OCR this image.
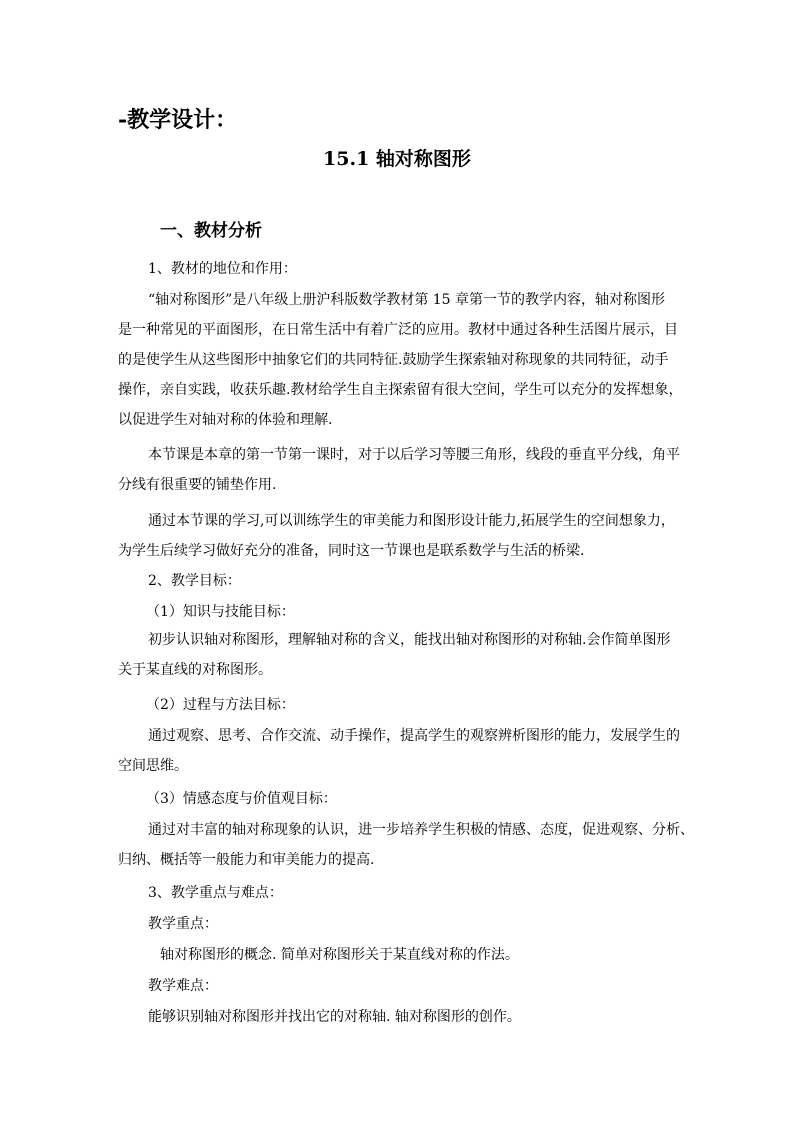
-教学设计：
15.1 轴对称图形
一、教材分析
1、教材的地位和作用：
“轴对称图形”是八年级上册沪科版数学教材第 15 章第一节的教学内容，轴对称图形
是一种常见的平面图形，在日常生活中有着广泛的应用。教材中通过各种生活图片展示，目
的是使学生从这些图形中抽象它们的共同特征.鼓励学生探索轴对称现象的共同特征，动手
操作，亲自实践，收获乐趣.教材给学生自主探索留有很大空间，学生可以充分的发挥想象，
以促进学生对轴对称的体验和理解.
本节课是本章的第一节第一课时，对于以后学习等腰三角形，线段的垂直平分线，角平
分线有很重要的铺垫作用.
通过本节课的学习,可以训练学生的审美能力和图形设计能力,拓展学生的空间想象力，
为学生后续学习做好充分的准备，同时这一节课也是联系数学与生活的桥梁.
2、教学目标：
（1）知识与技能目标：
初步认识轴对称图形，理解轴对称的含义，能找出轴对称图形的对称轴.会作简单图形
关于某直线的对称图形。
（2）过程与方法目标：
通过观察、思考、合作交流、动手操作，提高学生的观察辨析图形的能力，发展学生的
空间思维。
（3）情感态度与价值观目标：
通过对丰富的轴对称现象的认识，进一步培养学生积极的情感、态度，促进观察、分析、
归纳、概括等一般能力和审美能力的提高.
3、教学重点与难点：
教学重点：
轴对称图形的概念. 简单对称图形关于某直线对称的作法。
教学难点：
能够识别轴对称图形并找出它的对称轴. 轴对称图形的创作。
